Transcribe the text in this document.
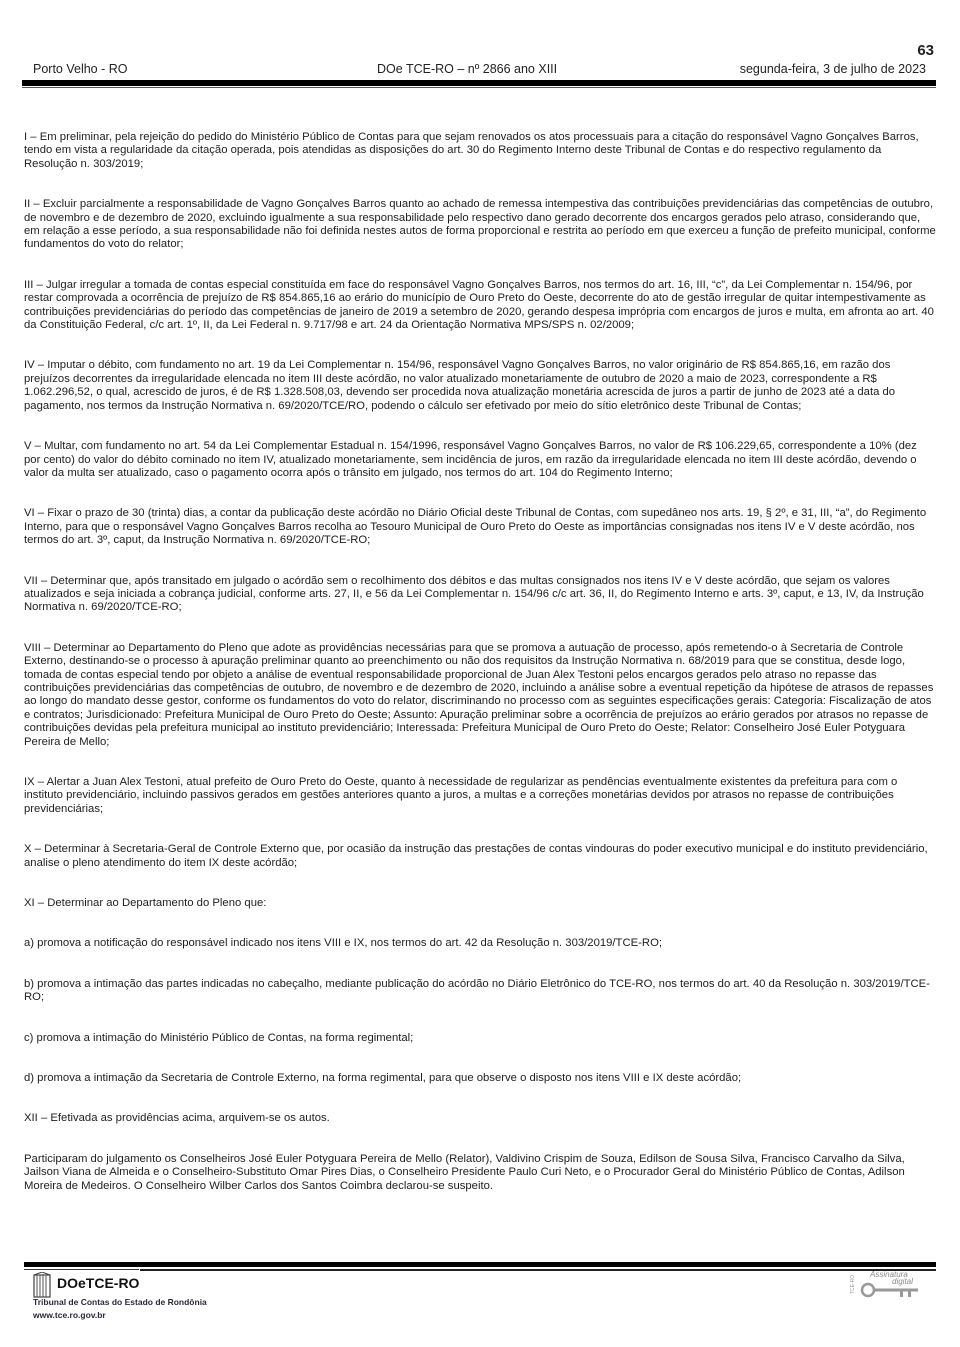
63
Porto Velho - RO	DOe TCE-RO – nº 2866 ano XIII	segunda-feira, 3 de julho de 2023

I – Em preliminar, pela rejeição do pedido do Ministério Público de Contas para que sejam renovados os atos processuais para a citação do responsável Vagno Gonçalves Barros, tendo em vista a regularidade da citação operada, pois atendidas as disposições do art. 30 do Regimento Interno deste Tribunal de Contas e do respectivo regulamento da Resolução n. 303/2019;

II – Excluir parcialmente a responsabilidade de Vagno Gonçalves Barros quanto ao achado de remessa intempestiva das contribuições previdenciárias das competências de outubro, de novembro e de dezembro de 2020, excluindo igualmente a sua responsabilidade pelo respectivo dano gerado decorrente dos encargos gerados pelo atraso, considerando que, em relação a esse período, a sua responsabilidade não foi definida nestes autos de forma proporcional e restrita ao período em que exerceu a função de prefeito municipal, conforme fundamentos do voto do relator;

III – Julgar irregular a tomada de contas especial constituída em face do responsável Vagno Gonçalves Barros, nos termos do art. 16, III, “c”, da Lei Complementar n. 154/96, por restar comprovada a ocorrência de prejuízo de R$ 854.865,16 ao erário do município de Ouro Preto do Oeste, decorrente do ato de gestão irregular de quitar intempestivamente as contribuições previdenciárias do período das competências de janeiro de 2019 a setembro de 2020, gerando despesa imprópria com encargos de juros e multa, em afronta ao art. 40 da Constituição Federal, c/c art. 1º, II, da Lei Federal n. 9.717/98 e art. 24 da Orientação Normativa MPS/SPS n. 02/2009;

IV – Imputar o débito, com fundamento no art. 19 da Lei Complementar n. 154/96, responsável Vagno Gonçalves Barros, no valor originário de R$ 854.865,16, em razão dos prejuízos decorrentes da irregularidade elencada no item III deste acórdão, no valor atualizado monetariamente de outubro de 2020 a maio de 2023, correspondente a R$ 1.062.296,52, o qual, acrescido de juros, é de R$ 1.328.508,03, devendo ser procedida nova atualização monetária acrescida de juros a partir de junho de 2023 até a data do pagamento, nos termos da Instrução Normativa n. 69/2020/TCE/RO, podendo o cálculo ser efetivado por meio do sítio eletrônico deste Tribunal de Contas;

V – Multar, com fundamento no art. 54 da Lei Complementar Estadual n. 154/1996, responsável Vagno Gonçalves Barros, no valor de R$ 106.229,65, correspondente a 10% (dez por cento) do valor do débito cominado no item IV, atualizado monetariamente, sem incidência de juros, em razão da irregularidade elencada no item III deste acórdão, devendo o valor da multa ser atualizado, caso o pagamento ocorra após o trânsito em julgado, nos termos do art. 104 do Regimento Interno;

VI – Fixar o prazo de 30 (trinta) dias, a contar da publicação deste acórdão no Diário Oficial deste Tribunal de Contas, com supedâneo nos arts. 19, § 2º, e 31, III, “a”, do Regimento Interno, para que o responsável Vagno Gonçalves Barros recolha ao Tesouro Municipal de Ouro Preto do Oeste as importâncias consignadas nos itens IV e V deste acórdão, nos termos do art. 3º, caput, da Instrução Normativa n. 69/2020/TCE-RO;

VII – Determinar que, após transitado em julgado o acórdão sem o recolhimento dos débitos e das multas consignados nos itens IV e V deste acórdão, que sejam os valores atualizados e seja iniciada a cobrança judicial, conforme arts. 27, II, e 56 da Lei Complementar n. 154/96 c/c art. 36, II, do Regimento Interno e arts. 3º, caput, e 13, IV, da Instrução Normativa n. 69/2020/TCE-RO;

VIII – Determinar ao Departamento do Pleno que adote as providências necessárias para que se promova a autuação de processo, após remetendo-o à Secretaria de Controle Externo, destinando-se o processo à apuração preliminar quanto ao preenchimento ou não dos requisitos da Instrução Normativa n. 68/2019 para que se constitua, desde logo, tomada de contas especial tendo por objeto a análise de eventual responsabilidade proporcional de Juan Alex Testoni pelos encargos gerados pelo atraso no repasse das contribuições previdenciárias das competências de outubro, de novembro e de dezembro de 2020, incluindo a análise sobre a eventual repetição da hipótese de atrasos de repasses ao longo do mandato desse gestor, conforme os fundamentos do voto do relator, discriminando no processo com as seguintes especificações gerais: Categoria: Fiscalização de atos e contratos; Jurisdicionado: Prefeitura Municipal de Ouro Preto do Oeste; Assunto: Apuração preliminar sobre a ocorrência de prejuízos ao erário gerados por atrasos no repasse de contribuições devidas pela prefeitura municipal ao instituto previdenciário; Interessada: Prefeitura Municipal de Ouro Preto do Oeste; Relator: Conselheiro José Euler Potyguara Pereira de Mello;

IX – Alertar a Juan Alex Testoni, atual prefeito de Ouro Preto do Oeste, quanto à necessidade de regularizar as pendências eventualmente existentes da prefeitura para com o instituto previdenciário, incluindo passivos gerados em gestões anteriores quanto a juros, a multas e a correções monetárias devidos por atrasos no repasse de contribuições previdenciárias;

X – Determinar à Secretaria-Geral de Controle Externo que, por ocasião da instrução das prestações de contas vindouras do poder executivo municipal e do instituto previdenciário, analise o pleno atendimento do item IX deste acórdão;

XI – Determinar ao Departamento do Pleno que:

a) promova a notificação do responsável indicado nos itens VIII e IX, nos termos do art. 42 da Resolução n. 303/2019/TCE-RO;

b) promova a intimação das partes indicadas no cabeçalho, mediante publicação do acórdão no Diário Eletrônico do TCE-RO, nos termos do art. 40 da Resolução n. 303/2019/TCE-RO;

c) promova a intimação do Ministério Público de Contas, na forma regimental;

d) promova a intimação da Secretaria de Controle Externo, na forma regimental, para que observe o disposto nos itens VIII e IX deste acórdão;

XII – Efetivada as providências acima, arquivem-se os autos.

Participaram do julgamento os Conselheiros José Euler Potyguara Pereira de Mello (Relator), Valdivino Crispim de Souza, Edilson de Sousa Silva, Francisco Carvalho da Silva, Jailson Viana de Almeida e o Conselheiro-Substituto Omar Pires Dias, o Conselheiro Presidente Paulo Curi Neto, e o Procurador Geral do Ministério Público de Contas, Adilson Moreira de Medeiros. O Conselheiro Wilber Carlos dos Santos Coimbra declarou-se suspeito.

DOeTCE-RO
Tribunal de Contas do Estado de Rondônia
www.tce.ro.gov.br
TCE-RO
Assinatura
digital
